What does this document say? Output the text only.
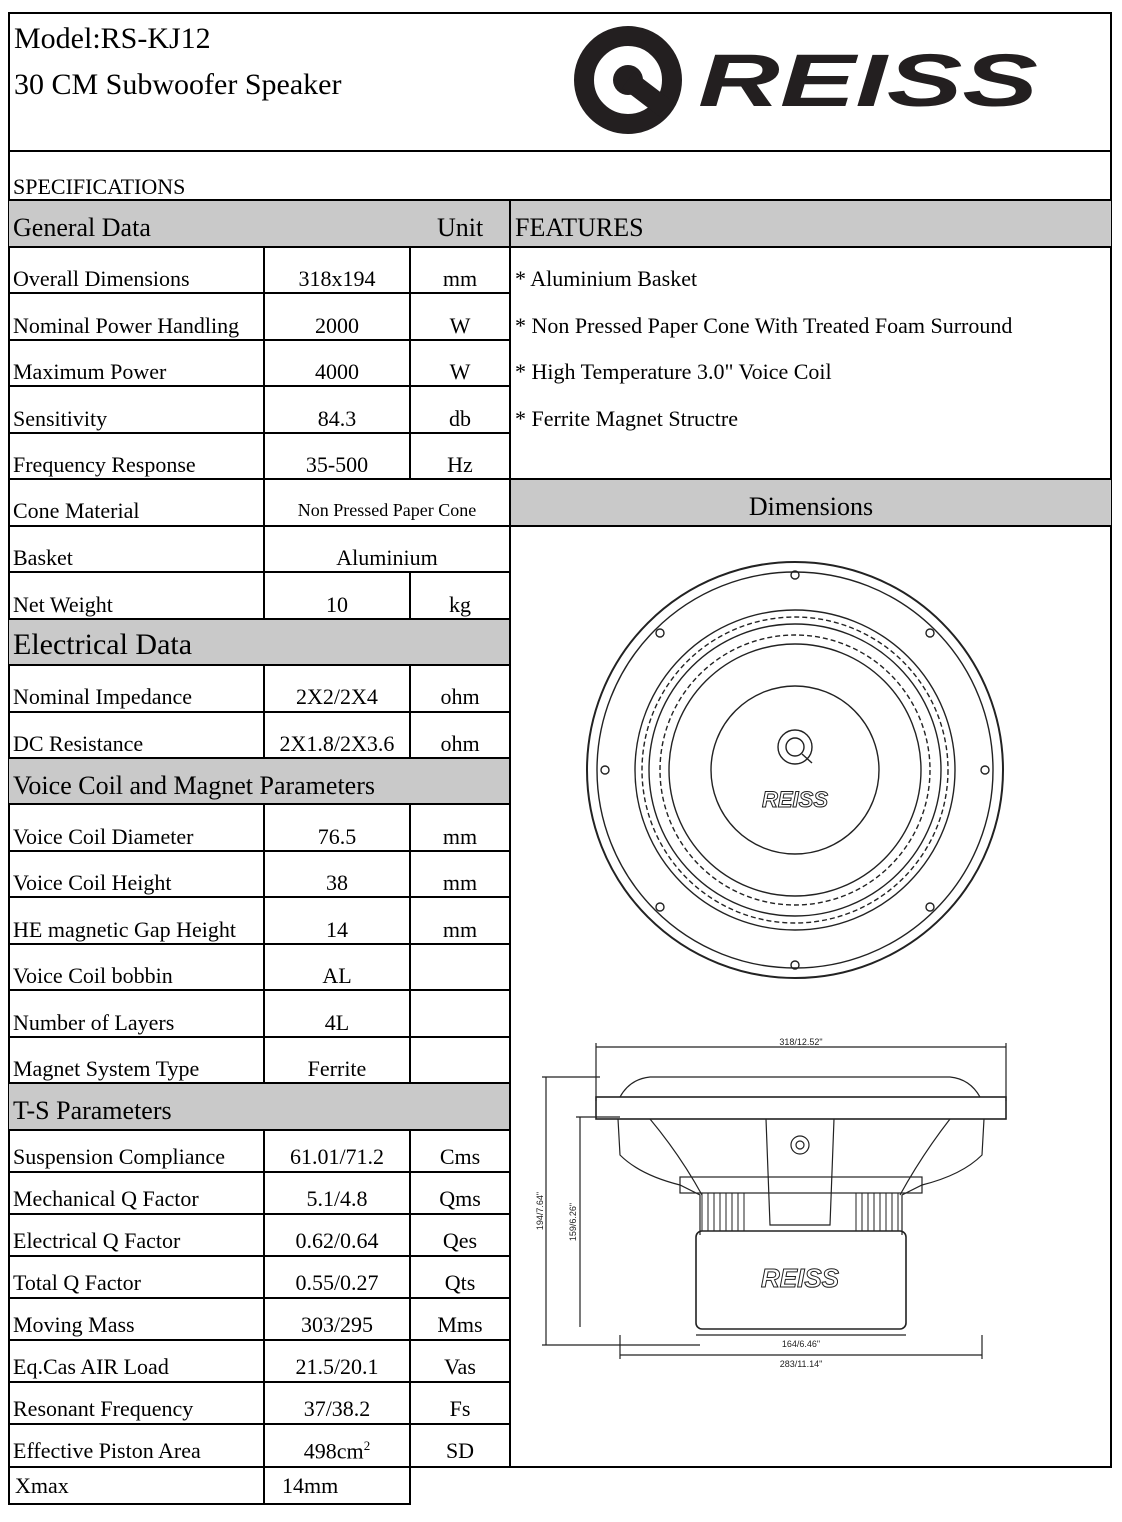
Model:RS-KJ12
30 CM Subwoofer Speaker	REISS
SPECIFICATIONS
General Data	Unit
Electrical Data
Voice Coil and Magnet Parameters
T-S Parameters
FEATURES
Dimensions
Overall Dimensions	318x194	mm
Nominal Power Handling	2000	W
Maximum Power	4000	W
Sensitivity	84.3	db
Frequency Response	35-500	Hz
Cone Material	Non Pressed Paper Cone
Basket	Aluminium
Net Weight	10	kg
Nominal Impedance	2X2/2X4	ohm
DC Resistance	2X1.8/2X3.6	ohm
Voice Coil Diameter	76.5	mm
Voice Coil Height	38	mm
HE magnetic Gap Height	14	mm
Voice Coil bobbin	AL
Number of Layers	4L
Magnet System Type	Ferrite
Suspension Compliance	61.01/71.2	Cms
Mechanical Q Factor	5.1/4.8	Qms
Electrical Q Factor	0.62/0.64	Qes
Total Q Factor	0.55/0.27	Qts
Moving Mass	303/295	Mms
Eq.Cas AIR Load	21.5/20.1	Vas
Resonant Frequency	37/38.2	Fs
Effective Piston Area	$498cm^2$	SD
Xmax	14mm
* Aluminium Basket
* Non Pressed Paper Cone With Treated Foam Surround
* High Temperature 3.0" Voice Coil
* Ferrite Magnet Structre
REISS
REISS
318/12.52"
164/6.46"
283/11.14"
194/7.64"	159/6.26"
